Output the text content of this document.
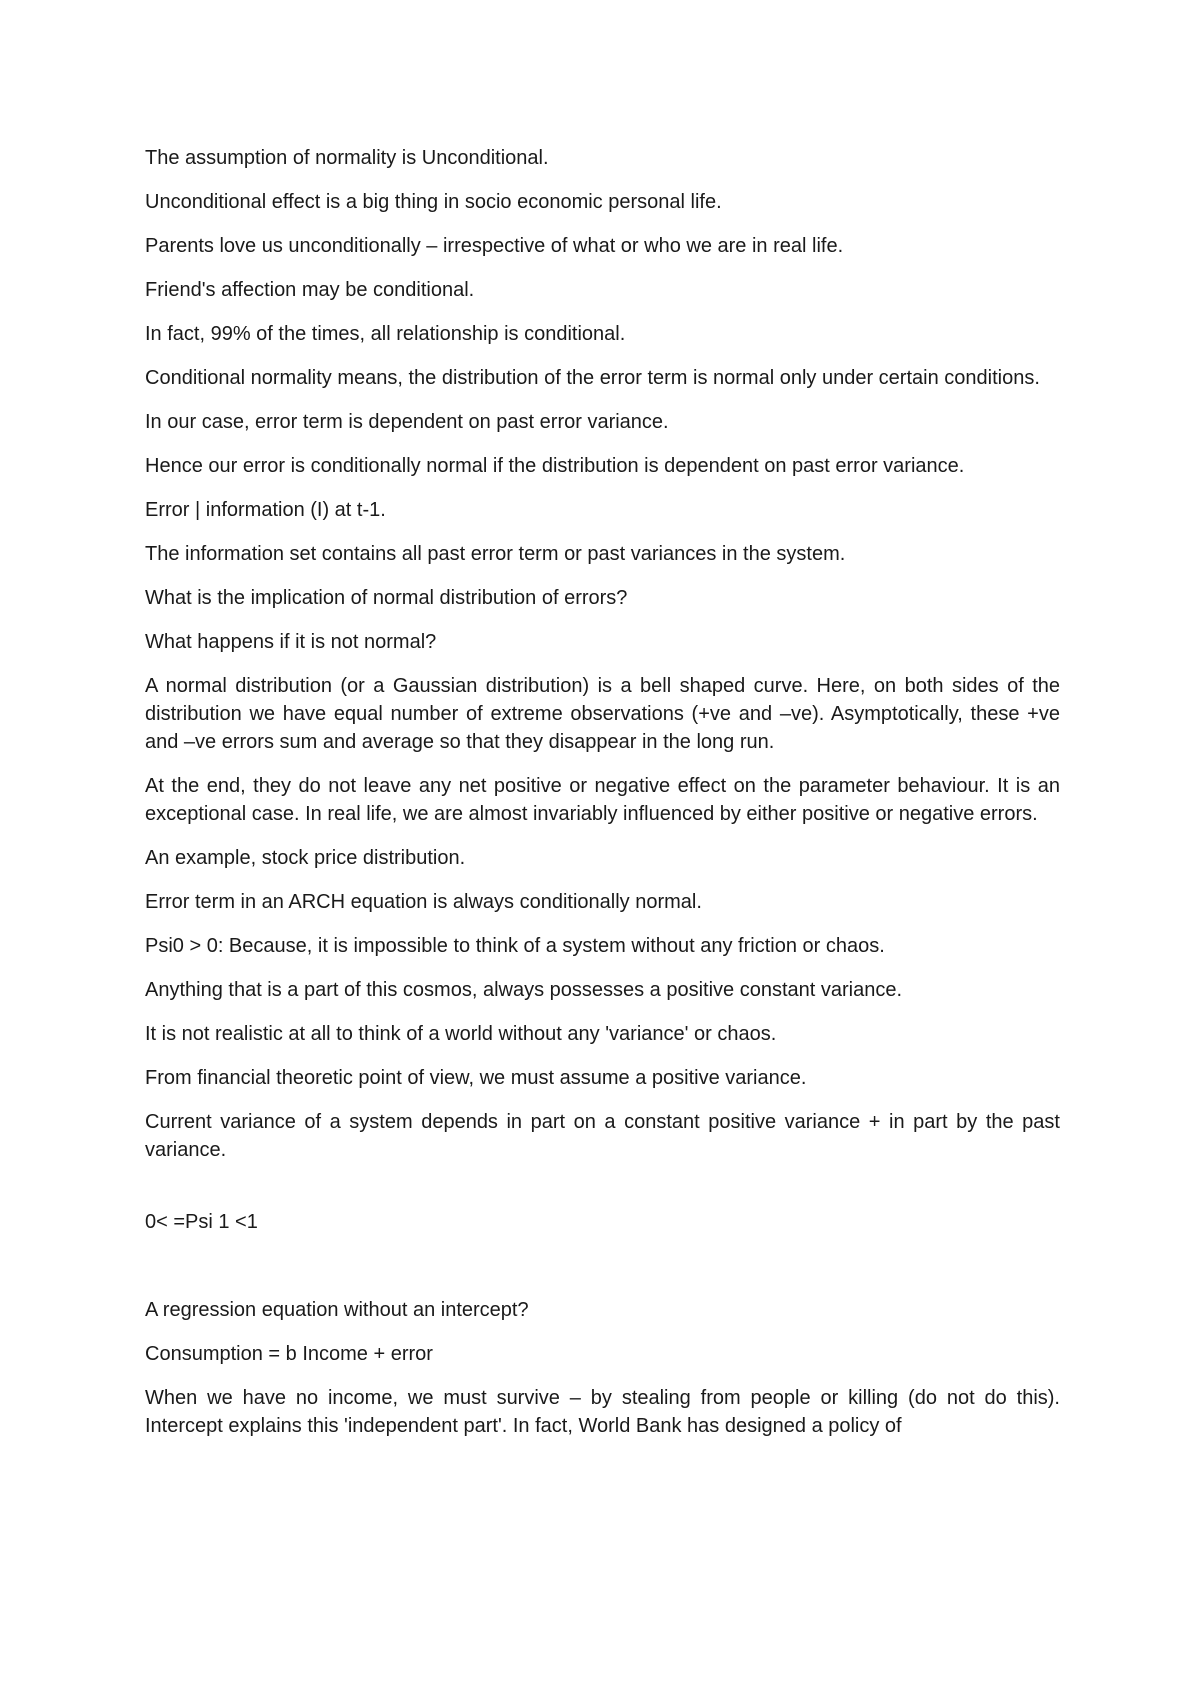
The assumption of normality is Unconditional.

Unconditional effect is a big thing in socio economic personal life.

Parents love us unconditionally – irrespective of what or who we are in real life.

Friend's affection may be conditional.

In fact, 99% of the times, all relationship is conditional.

Conditional normality means, the distribution of the error term is normal only under certain conditions.

In our case, error term is dependent on past error variance.

Hence our error is conditionally normal if the distribution is dependent on past error variance.

Error | information (I) at t-1.

The information set contains all past error term or past variances in the system.

What is the implication of normal distribution of errors?

What happens if it is not normal?

A normal distribution (or a Gaussian distribution) is a bell shaped curve. Here, on both sides of the distribution we have equal number of extreme observations (+ve and –ve). Asymptotically, these +ve and –ve errors sum and average so that they disappear in the long run.

At the end, they do not leave any net positive or negative effect on the parameter behaviour. It is an exceptional case. In real life, we are almost invariably influenced by either positive or negative errors.

An example, stock price distribution.

Error term in an ARCH equation is always conditionally normal.

Psi0 > 0: Because, it is impossible to think of a system without any friction or chaos.

Anything that is a part of this cosmos, always possesses a positive constant variance.

It is not realistic at all to think of a world without any 'variance' or chaos.

From financial theoretic point of view, we must assume a positive variance.

Current variance of a system depends in part on a constant positive variance + in part by the past variance.

0< =Psi 1 <1

A regression equation without an intercept?

Consumption = b Income + error

When we have no income, we must survive – by stealing from people or killing (do not do this). Intercept explains this 'independent part'. In fact, World Bank has designed a policy of
